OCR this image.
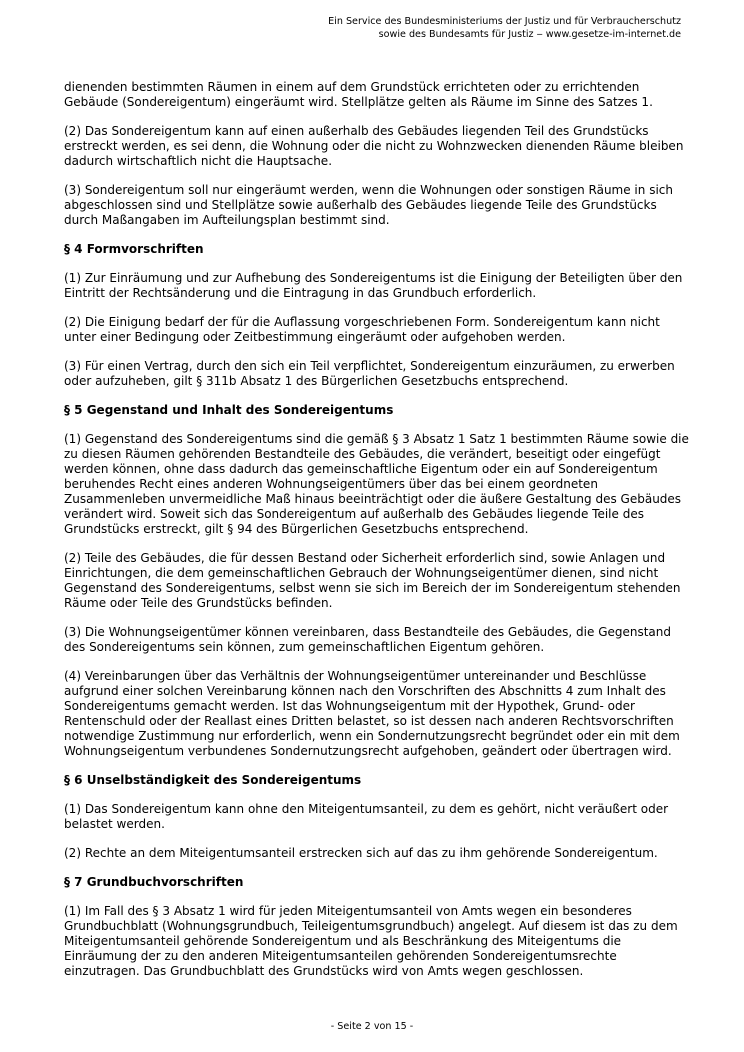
Ein Service des Bundesministeriums der Justiz und für Verbraucherschutz
sowie des Bundesamts für Justiz ‒ www.gesetze-im-internet.de

dienenden bestimmten Räumen in einem auf dem Grundstück errichteten oder zu errichtenden Gebäude (Sondereigentum) eingeräumt wird. Stellplätze gelten als Räume im Sinne des Satzes 1.

(2) Das Sondereigentum kann auf einen außerhalb des Gebäudes liegenden Teil des Grundstücks erstreckt werden, es sei denn, die Wohnung oder die nicht zu Wohnzwecken dienenden Räume bleiben dadurch wirtschaftlich nicht die Hauptsache.

(3) Sondereigentum soll nur eingeräumt werden, wenn die Wohnungen oder sonstigen Räume in sich abgeschlossen sind und Stellplätze sowie außerhalb des Gebäudes liegende Teile des Grundstücks durch Maßangaben im Aufteilungsplan bestimmt sind.

§ 4 Formvorschriften

(1) Zur Einräumung und zur Aufhebung des Sondereigentums ist die Einigung der Beteiligten über den Eintritt der Rechtsänderung und die Eintragung in das Grundbuch erforderlich.

(2) Die Einigung bedarf der für die Auflassung vorgeschriebenen Form. Sondereigentum kann nicht unter einer Bedingung oder Zeitbestimmung eingeräumt oder aufgehoben werden.

(3) Für einen Vertrag, durch den sich ein Teil verpflichtet, Sondereigentum einzuräumen, zu erwerben oder aufzuheben, gilt § 311b Absatz 1 des Bürgerlichen Gesetzbuchs entsprechend.

§ 5 Gegenstand und Inhalt des Sondereigentums

(1) Gegenstand des Sondereigentums sind die gemäß § 3 Absatz 1 Satz 1 bestimmten Räume sowie die zu diesen Räumen gehörenden Bestandteile des Gebäudes, die verändert, beseitigt oder eingefügt werden können, ohne dass dadurch das gemeinschaftliche Eigentum oder ein auf Sondereigentum beruhendes Recht eines anderen Wohnungseigentümers über das bei einem geordneten Zusammenleben unvermeidliche Maß hinaus beeinträchtigt oder die äußere Gestaltung des Gebäudes verändert wird. Soweit sich das Sondereigentum auf außerhalb des Gebäudes liegende Teile des Grundstücks erstreckt, gilt § 94 des Bürgerlichen Gesetzbuchs entsprechend.

(2) Teile des Gebäudes, die für dessen Bestand oder Sicherheit erforderlich sind, sowie Anlagen und Einrichtungen, die dem gemeinschaftlichen Gebrauch der Wohnungseigentümer dienen, sind nicht Gegenstand des Sondereigentums, selbst wenn sie sich im Bereich der im Sondereigentum stehenden Räume oder Teile des Grundstücks befinden.

(3) Die Wohnungseigentümer können vereinbaren, dass Bestandteile des Gebäudes, die Gegenstand des Sondereigentums sein können, zum gemeinschaftlichen Eigentum gehören.

(4) Vereinbarungen über das Verhältnis der Wohnungseigentümer untereinander und Beschlüsse aufgrund einer solchen Vereinbarung können nach den Vorschriften des Abschnitts 4 zum Inhalt des Sondereigentums gemacht werden. Ist das Wohnungseigentum mit der Hypothek, Grund- oder Rentenschuld oder der Reallast eines Dritten belastet, so ist dessen nach anderen Rechtsvorschriften notwendige Zustimmung nur erforderlich, wenn ein Sondernutzungsrecht begründet oder ein mit dem Wohnungseigentum verbundenes Sondernutzungsrecht aufgehoben, geändert oder übertragen wird.

§ 6 Unselbständigkeit des Sondereigentums

(1) Das Sondereigentum kann ohne den Miteigentumsanteil, zu dem es gehört, nicht veräußert oder belastet werden.

(2) Rechte an dem Miteigentumsanteil erstrecken sich auf das zu ihm gehörende Sondereigentum.

§ 7 Grundbuchvorschriften

(1) Im Fall des § 3 Absatz 1 wird für jeden Miteigentumsanteil von Amts wegen ein besonderes Grundbuchblatt (Wohnungsgrundbuch, Teileigentumsgrundbuch) angelegt. Auf diesem ist das zu dem Miteigentumsanteil gehörende Sondereigentum und als Beschränkung des Miteigentums die Einräumung der zu den anderen Miteigentumsanteilen gehörenden Sondereigentumsrechte einzutragen. Das Grundbuchblatt des Grundstücks wird von Amts wegen geschlossen.

- Seite 2 von 15 -
